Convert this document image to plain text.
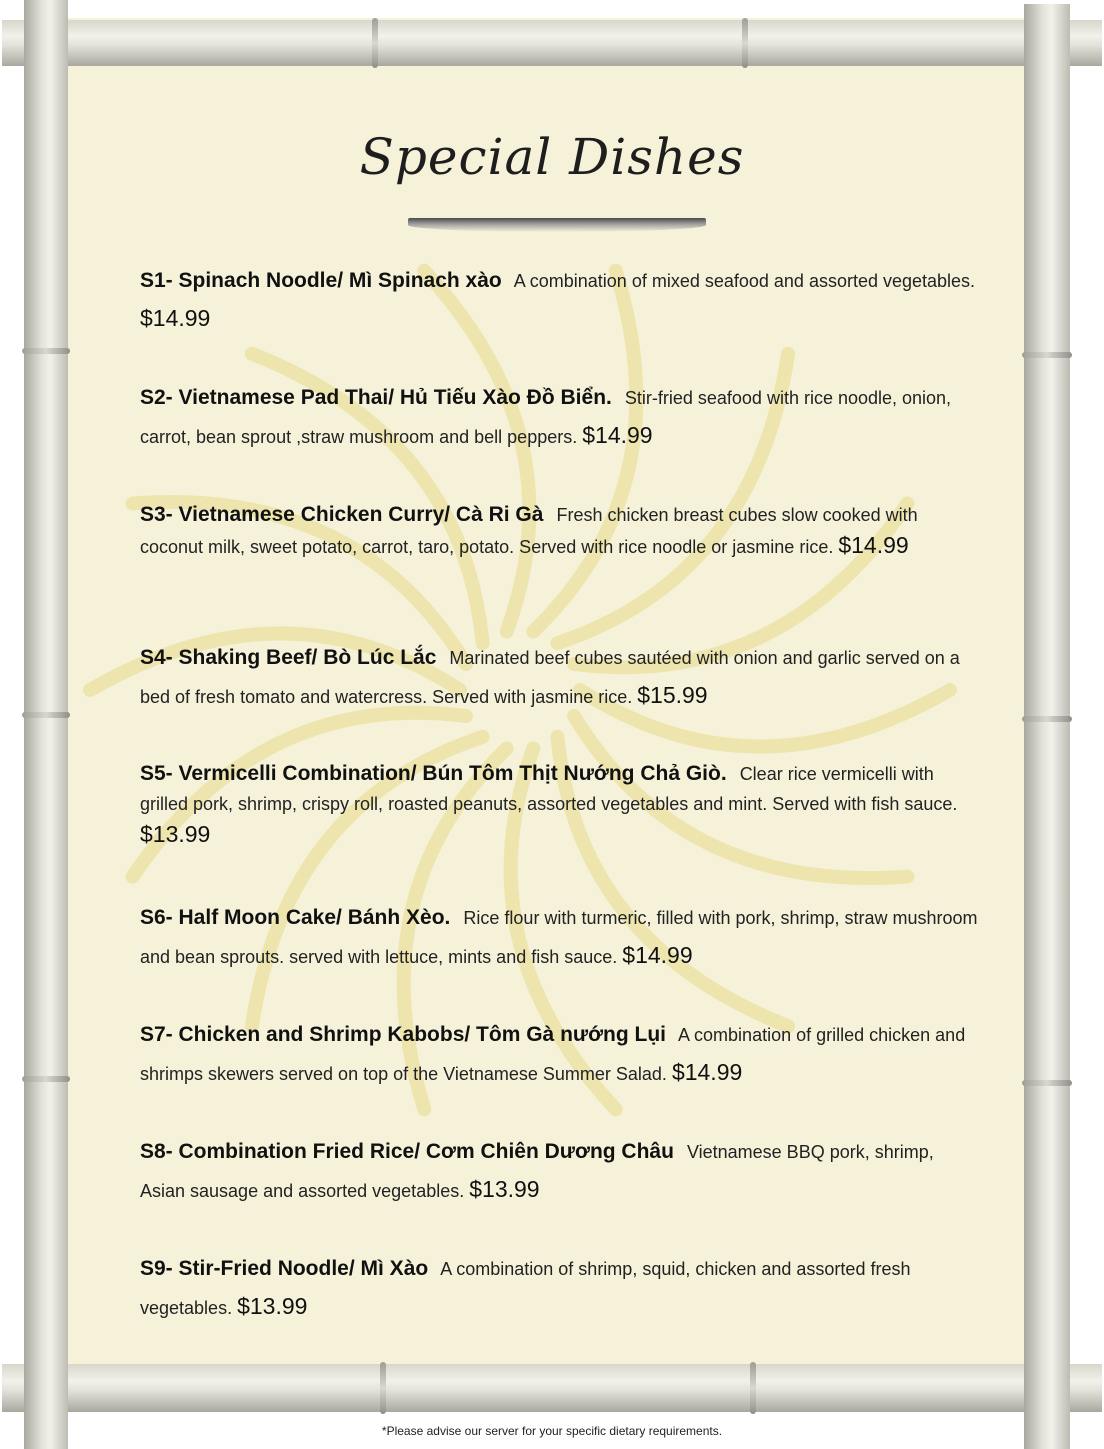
Special Dishes
S1- Spinach Noodle/ Mì Spinach xào A combination of mixed seafood and assorted vegetables. $14.99
S2- Vietnamese Pad Thai/ Hủ Tiếu Xào Đồ Biển. Stir-fried seafood with rice noodle, onion, carrot, bean sprout ,straw mushroom and bell peppers. $14.99
S3- Vietnamese Chicken Curry/ Cà Ri Gà Fresh chicken breast cubes slow cooked with coconut milk, sweet potato, carrot, taro, potato. Served with rice noodle or jasmine rice. $14.99
S4- Shaking Beef/ Bò Lúc Lắc Marinated beef cubes sautéed with onion and garlic served on a bed of fresh tomato and watercress. Served with jasmine rice. $15.99
S5- Vermicelli Combination/ Bún Tôm Thịt Nướng Chả Giò. Clear rice vermicelli with grilled pork, shrimp, crispy roll, roasted peanuts, assorted vegetables and mint. Served with fish sauce. $13.99
S6- Half Moon Cake/ Bánh Xèo. Rice flour with turmeric, filled with pork, shrimp, straw mushroom and bean sprouts. served with lettuce, mints and fish sauce. $14.99
S7- Chicken and Shrimp Kabobs/ Tôm Gà nướng Lụi A combination of grilled chicken and shrimps skewers served on top of the Vietnamese Summer Salad. $14.99
S8- Combination Fried Rice/ Cơm Chiên Dương Châu Vietnamese BBQ pork, shrimp, Asian sausage and assorted vegetables. $13.99
S9- Stir-Fried Noodle/ Mì Xào A combination of shrimp, squid, chicken and assorted fresh vegetables. $13.99
*Please advise our server for your specific dietary requirements.
